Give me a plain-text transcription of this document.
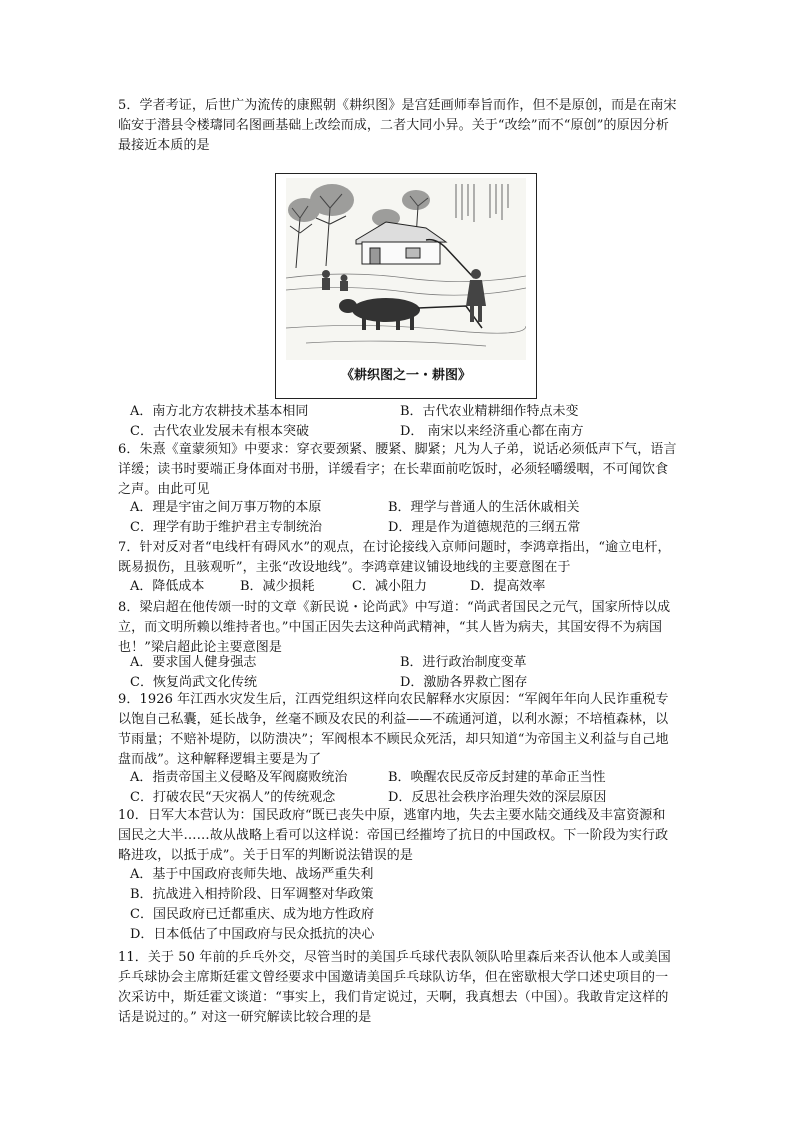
5．学者考证，后世广为流传的康熙朝《耕织图》是宫廷画师奉旨而作，但不是原创，而是在南宋临安于潜县令楼璹同名图画基础上改绘而成，二者大同小异。关于“改绘”而不“原创”的原因分析最接近本质的是
《耕织图之一・耕图》
A．南方北方农耕技术基本相同	B．古代农业精耕细作特点未变
C．古代农业发展未有根本突破	D． 南宋以来经济重心都在南方
6．朱熹《童蒙须知》中要求：穿衣要颈紧、腰紧、脚紧；凡为人子弟，说话必须低声下气，语言详缓；读书时要端正身体面对书册，详缓看字；在长辈面前吃饭时，必须轻嚼缓咽，不可闻饮食之声。由此可见
A．理是宇宙之间万事万物的本原	B．理学与普通人的生活休戚相关
C．理学有助于维护君主专制统治	D．理是作为道德规范的三纲五常
7．针对反对者“电线杆有碍风水”的观点，在讨论接线入京师问题时，李鸿章指出，“逾立电杆，既易损伤，且骇观听”，主张“改设地线”。李鸿章建议铺设地线的主要意图在于
A．降低成本	B．减少损耗	C．减小阻力	D．提高效率
8．梁启超在他传颂一时的文章《新民说・论尚武》中写道：“尚武者国民之元气，国家所恃以成立，而文明所赖以维持者也。”中国正因失去这种尚武精神，“其人皆为病夫，其国安得不为病国也！”梁启超此论主要意图是
A．要求国人健身强志	B．进行政治制度变革
C．恢复尚武文化传统	D．激励各界救亡图存
9．1926 年江西水灾发生后，江西党组织这样向农民解释水灾原因：“军阀年年向人民诈重税专以饱自己私囊，延长战争，丝毫不顾及农民的利益——不疏通河道，以利水源；不培植森林，以节雨量；不赔补堤防，以防溃决”；军阀根本不顾民众死活，却只知道“为帝国主义利益与自己地盘而战”。这种解释逻辑主要是为了
A．指责帝国主义侵略及军阀腐败统治	B．唤醒农民反帝反封建的革命正当性
C．打破农民“天灾祸人”的传统观念	D．反思社会秩序治理失效的深层原因
10．日军大本营认为：国民政府“既已丧失中原，逃窜内地，失去主要水陆交通线及丰富资源和国民之大半……故从战略上看可以这样说：帝国已经摧垮了抗日的中国政权。下一阶段为实行政略进攻，以抵于成”。关于日军的判断说法错误的是
A．基于中国政府丧师失地、战场严重失利
B．抗战进入相持阶段、日军调整对华政策
C．国民政府已迁都重庆、成为地方性政府
D．日本低估了中国政府与民众抵抗的决心
11．关于 50 年前的乒乓外交，尽管当时的美国乒乓球代表队领队哈里森后来否认他本人或美国乒乓球协会主席斯廷霍文曾经要求中国邀请美国乒乓球队访华，但在密歇根大学口述史项目的一次采访中，斯廷霍文谈道：“事实上，我们肯定说过，天啊，我真想去（中国）。我敢肯定这样的话是说过的。” 对这一研究解读比较合理的是
